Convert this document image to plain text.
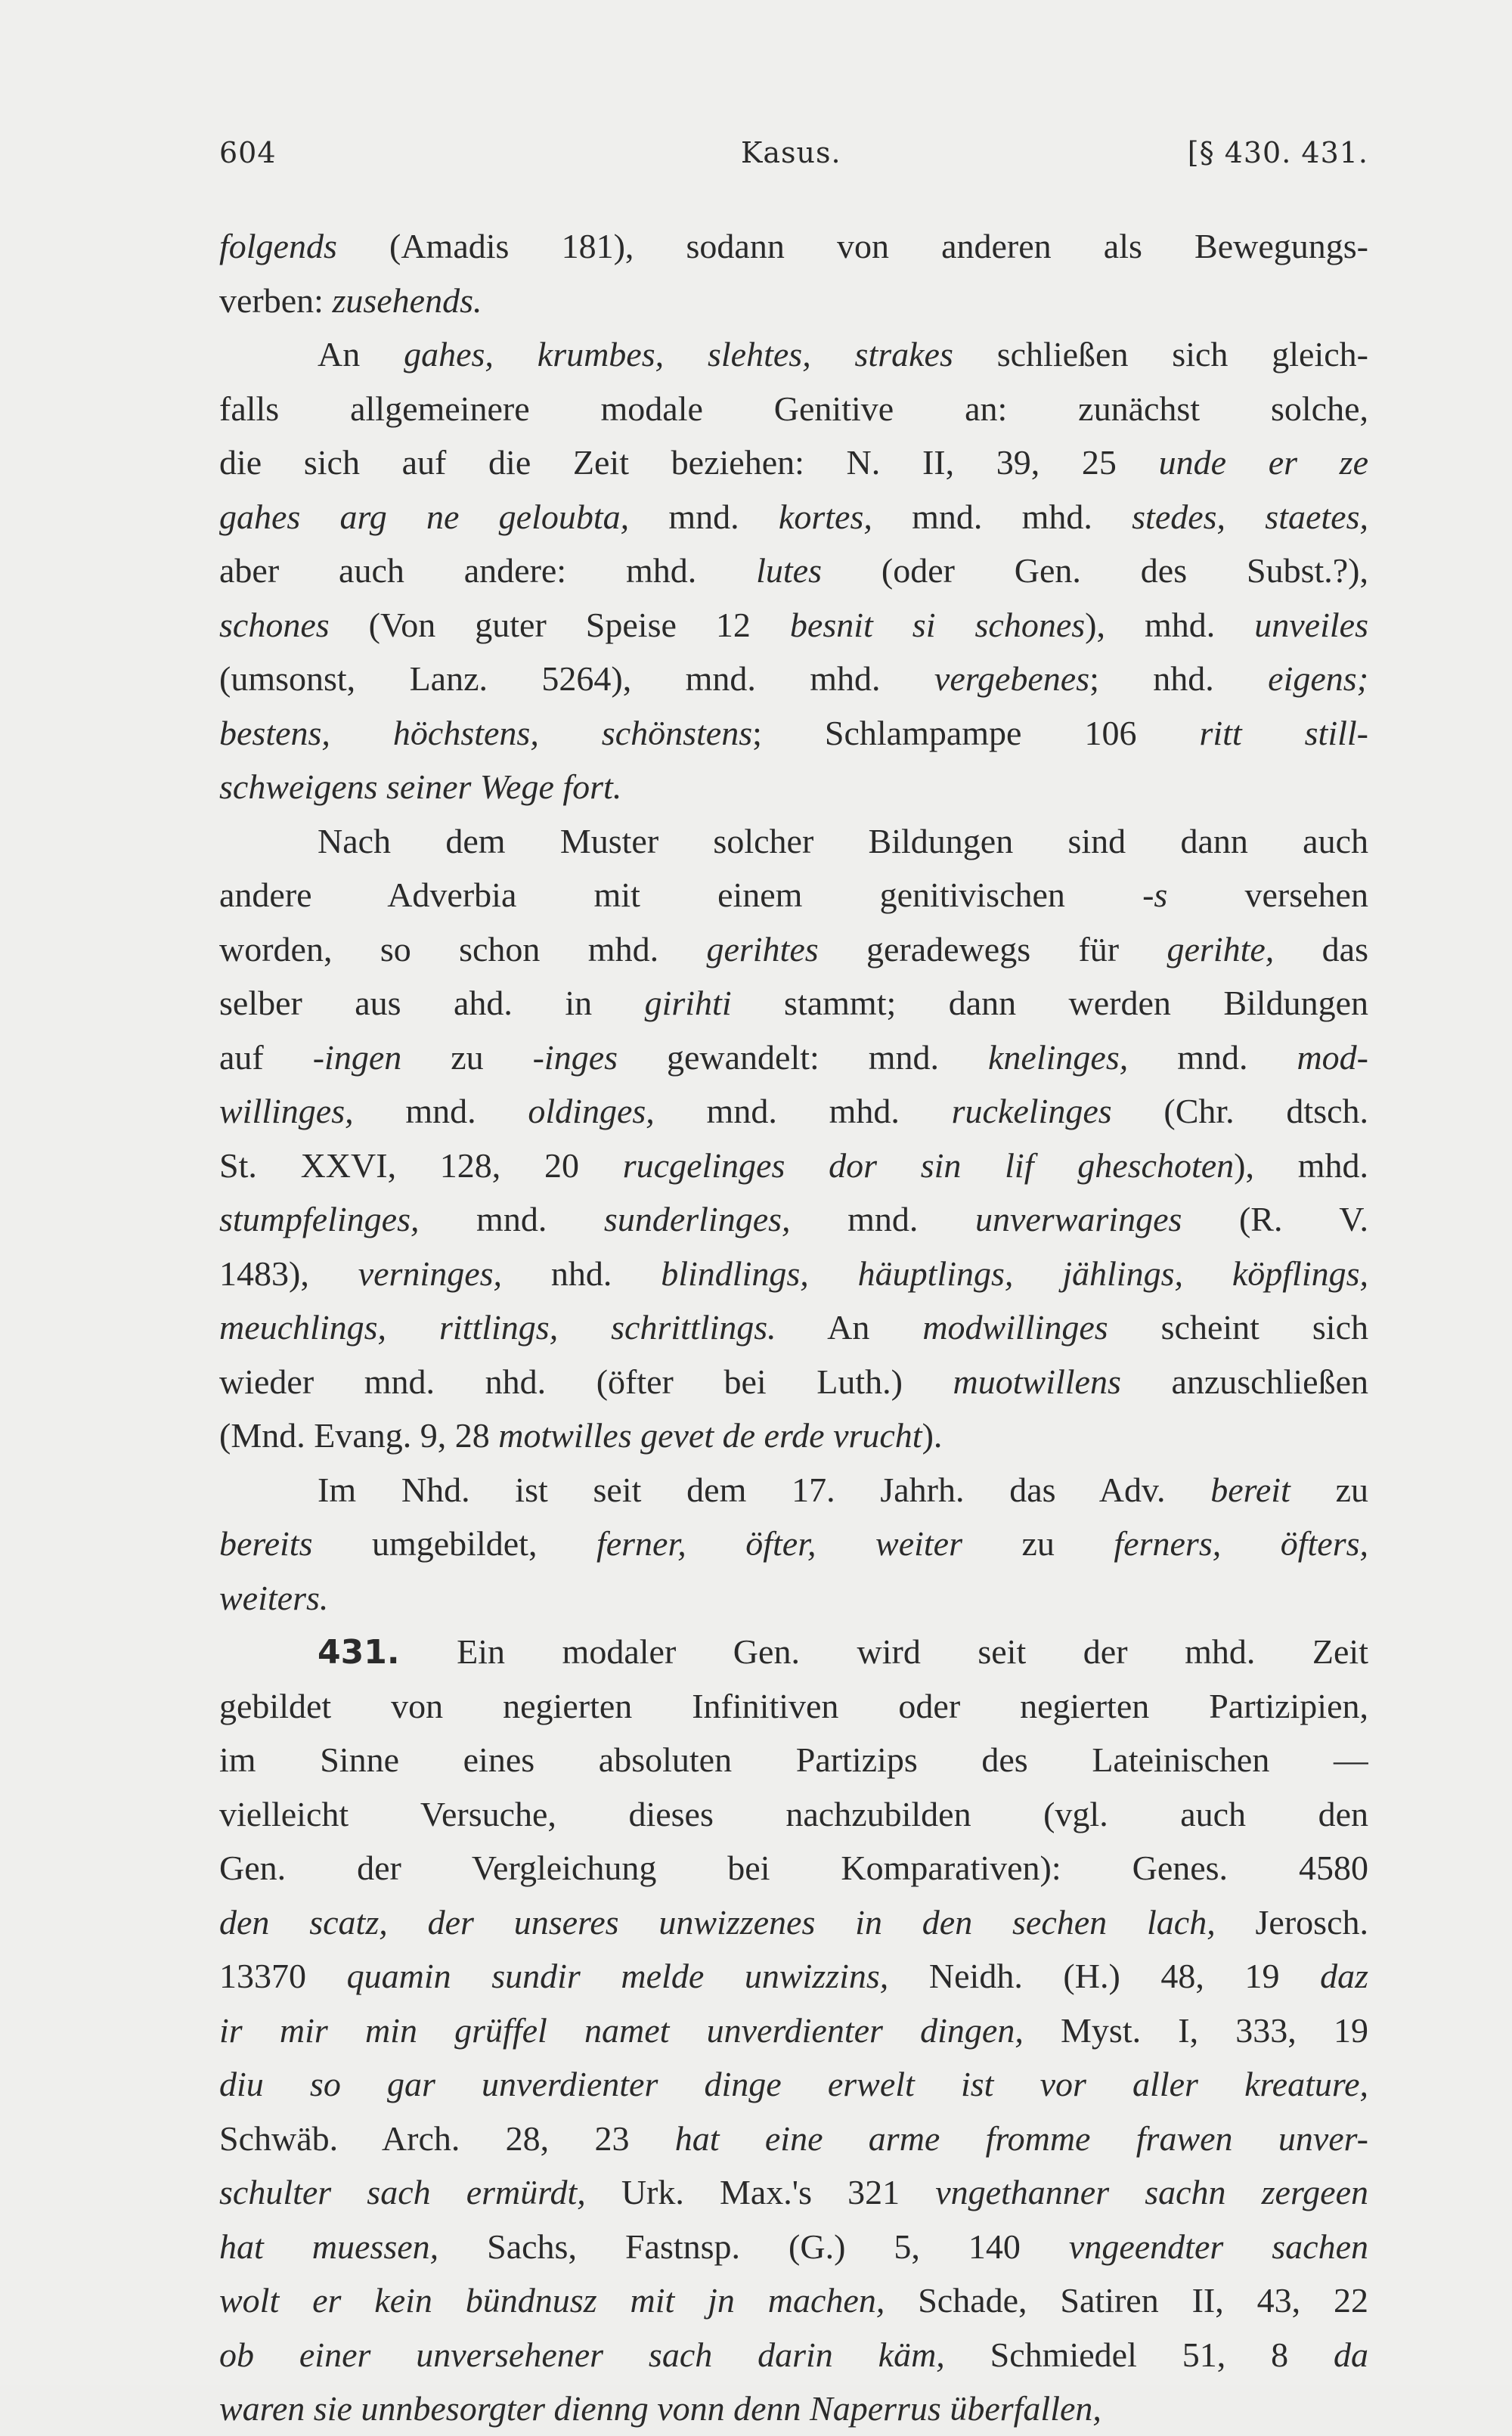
604	Kasus.	[§ 430. 431.
folgends (Amadis 181), sodann von anderen als Bewegungs-
verben: zusehends.
An gahes, krumbes, slehtes, strakes schließen sich gleich-
falls allgemeinere modale Genitive an: zunächst solche,
die sich auf die Zeit beziehen: N. II, 39, 25 unde er ze
gahes arg ne geloubta, mnd. kortes, mnd. mhd. stedes, staetes,
aber auch andere: mhd. lutes (oder Gen. des Subst.?),
schones (Von guter Speise 12 besnit si schones), mhd. unveiles
(umsonst, Lanz. 5264), mnd. mhd. vergebenes; nhd. eigens;
bestens, höchstens, schönstens; Schlampampe 106 ritt still-
schweigens seiner Wege fort.
Nach dem Muster solcher Bildungen sind dann auch
andere Adverbia mit einem genitivischen -s versehen
worden, so schon mhd. gerihtes geradewegs für gerihte, das
selber aus ahd. in girihti stammt; dann werden Bildungen
auf -ingen zu -inges gewandelt: mnd. knelinges, mnd. mod-
willinges, mnd. oldinges, mnd. mhd. ruckelinges (Chr. dtsch.
St. XXVI, 128, 20 rucgelinges dor sin lif gheschoten), mhd.
stumpfelinges, mnd. sunderlinges, mnd. unverwaringes (R. V.
1483), verninges, nhd. blindlings, häuptlings, jählings, köpflings,
meuchlings, rittlings, schrittlings. An modwillinges scheint sich
wieder mnd. nhd. (öfter bei Luth.) muotwillens anzuschließen
(Mnd. Evang. 9, 28 motwilles gevet de erde vrucht).
Im Nhd. ist seit dem 17. Jahrh. das Adv. bereit zu
bereits umgebildet, ferner, öfter, weiter zu ferners, öfters,
weiters.
431. Ein modaler Gen. wird seit der mhd. Zeit
gebildet von negierten Infinitiven oder negierten Partizipien,
im Sinne eines absoluten Partizips des Lateinischen —
vielleicht Versuche, dieses nachzubilden (vgl. auch den
Gen. der Vergleichung bei Komparativen): Genes. 4580
den scatz, der unseres unwizzenes in den sechen lach, Jerosch.
13370 quamin sundir melde unwizzins, Neidh. (H.) 48, 19 daz
ir mir min grüffel namet unverdienter dingen, Myst. I, 333, 19
diu so gar unverdienter dinge erwelt ist vor aller kreature,
Schwäb. Arch. 28, 23 hat eine arme fromme frawen unver-
schulter sach ermürdt, Urk. Max.'s 321 vngethanner sachn zergeen
hat muessen, Sachs, Fastnsp. (G.) 5, 140 vngeendter sachen
wolt er kein bündnusz mit jn machen, Schade, Satiren II, 43, 22
ob einer unversehener sach darin käm, Schmiedel 51, 8 da
waren sie unnbesorgter dienng vonn denn Naperrus überfallen,
